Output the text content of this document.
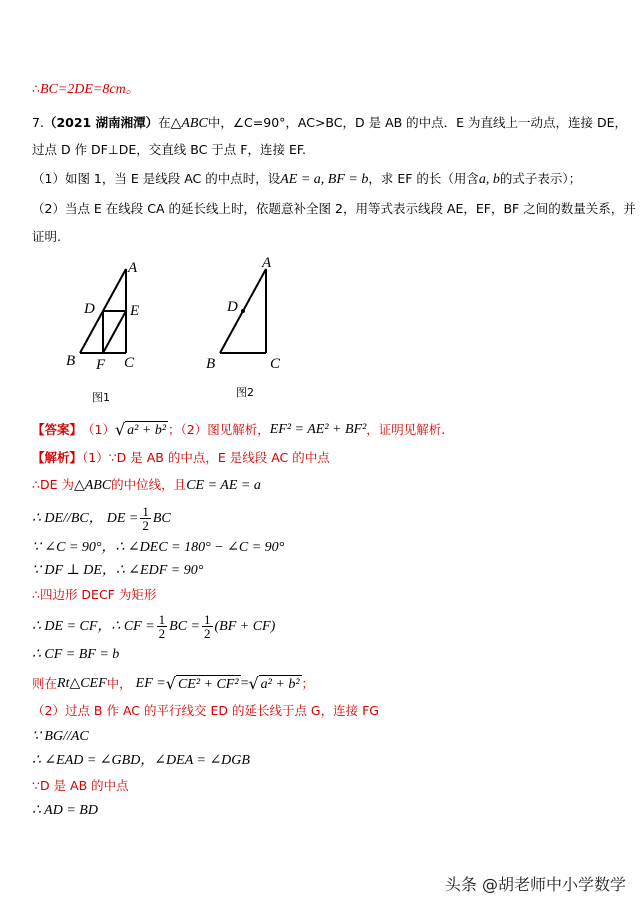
∴BC=2DE=8cm。
7.（2021 湖南湘潭）在△ABC中，∠C=90°，AC>BC，D 是 AB 的中点．E 为直线上一动点，连接 DE，
过点 D 作 DF⊥DE，交直线 BC 于点 F，连接 EF.
（1）如图 1，当 E 是线段 AC 的中点时，设AE = a, BF = b，求 EF 的长（用含a, b的式子表示）；
（2）当点 E 在线段 CA 的延长线上时，依题意补全图 2，用等式表示线段 AE，EF，BF 之间的数量关系，并
证明.
A
D E
B F C
图1
A
D
B	C
图2
【答案】 （1） √ a² + b² ；（2）图见解析， EF² = AE² + BF² ，证明见解析.
【解析】（1）∵D 是 AB 的中点，E 是线段 AC 的中点
∴DE 为△ABC的中位线，且CE = AE = a
∴ DE//BC，
DE = $\frac{1}{2}$ BC
∵ ∠C = 90°，∴ ∠DEC = 180° − ∠C = 90°
∵ DF ⊥ DE，∴ ∠EDF = 90°
∴四边形 DECF 为矩形
∴ DE = CF，∴ CF = $\frac{1}{2}$ BC = $\frac{1}{2} (BF + CF)$
∴ CF = BF = b
则在 Rt△CEF 中，
EF = √ CE² + CF² = √ a² + b² ；
（2）过点 B 作 AC 的平行线交 ED 的延长线于点 G，连接 FG
∵ BG//AC
∴ ∠EAD = ∠GBD，∠DEA = ∠DGB
∵D 是 AB 的中点
∴ AD = BD
头条 @胡老师中小学数学
